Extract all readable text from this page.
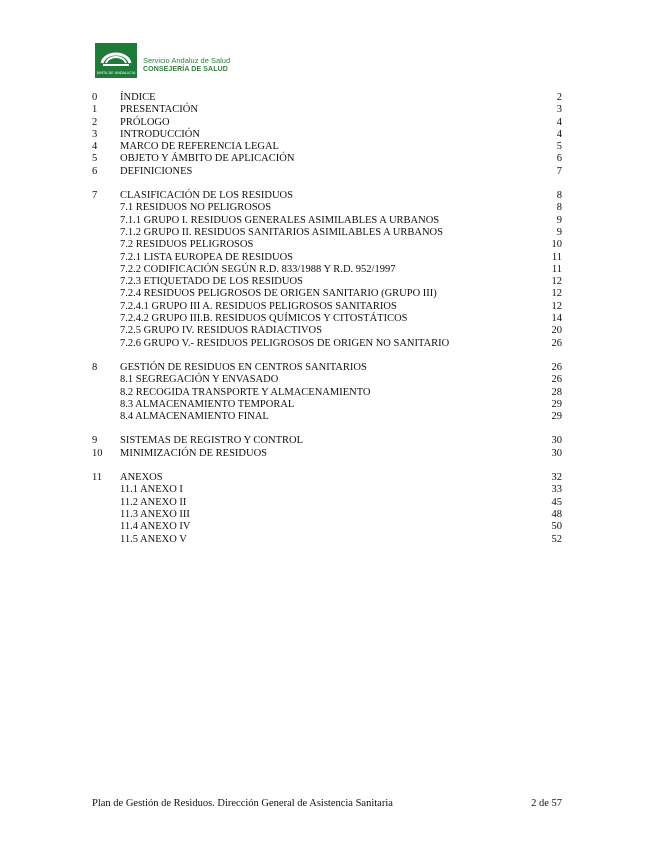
JUNTA DE ANDALUCIA
Servicio Andaluz de Salud
CONSEJERÍA DE SALUD
0 ÍNDICE	2
1 PRESENTACIÓN	3
2 PRÓLOGO	4
3 INTRODUCCIÓN	4
4 MARCO DE REFERENCIA LEGAL	5
5 OBJETO Y ÁMBITO DE APLICACIÓN	6
6 DEFINICIONES	7
7 CLASIFICACIÓN DE LOS RESIDUOS	8
7.1 RESIDUOS NO PELIGROSOS	8
7.1.1 GRUPO I. RESIDUOS GENERALES ASIMILABLES A URBANOS	9
7.1.2 GRUPO II. RESIDUOS SANITARIOS ASIMILABLES A URBANOS	9
7.2 RESIDUOS PELIGROSOS	10
7.2.1 LISTA EUROPEA DE RESIDUOS	11
7.2.2 CODIFICACIÓN SEGÚN R.D. 833/1988 Y R.D. 952/1997	11
7.2.3 ETIQUETADO DE LOS RESIDUOS	12
7.2.4 RESIDUOS PELIGROSOS DE ORIGEN SANITARIO (GRUPO III)	12
7.2.4.1 GRUPO III A. RESIDUOS PELIGROSOS SANITARIOS	12
7.2.4.2 GRUPO III.B. RESIDUOS QUÍMICOS Y CITOSTÁTICOS	14
7.2.5 GRUPO IV. RESIDUOS RADIACTIVOS	20
7.2.6 GRUPO V.- RESIDUOS PELIGROSOS DE ORIGEN NO SANITARIO	26
8 GESTIÓN DE RESIDUOS EN CENTROS SANITARIOS	26
8.1 SEGREGACIÓN Y ENVASADO	26
8.2 RECOGIDA TRANSPORTE Y ALMACENAMIENTO	28
8.3 ALMACENAMIENTO TEMPORAL	29
8.4 ALMACENAMIENTO FINAL	29
9 SISTEMAS DE REGISTRO Y CONTROL	30
10 MINIMIZACIÓN DE RESIDUOS	30
11 ANEXOS	32
11.1 ANEXO I	33
11.2 ANEXO II	45
11.3 ANEXO III	48
11.4 ANEXO IV	50
11.5 ANEXO V	52
Plan de Gestión de Residuos. Dirección General de Asistencia Sanitaria	2 de 57
